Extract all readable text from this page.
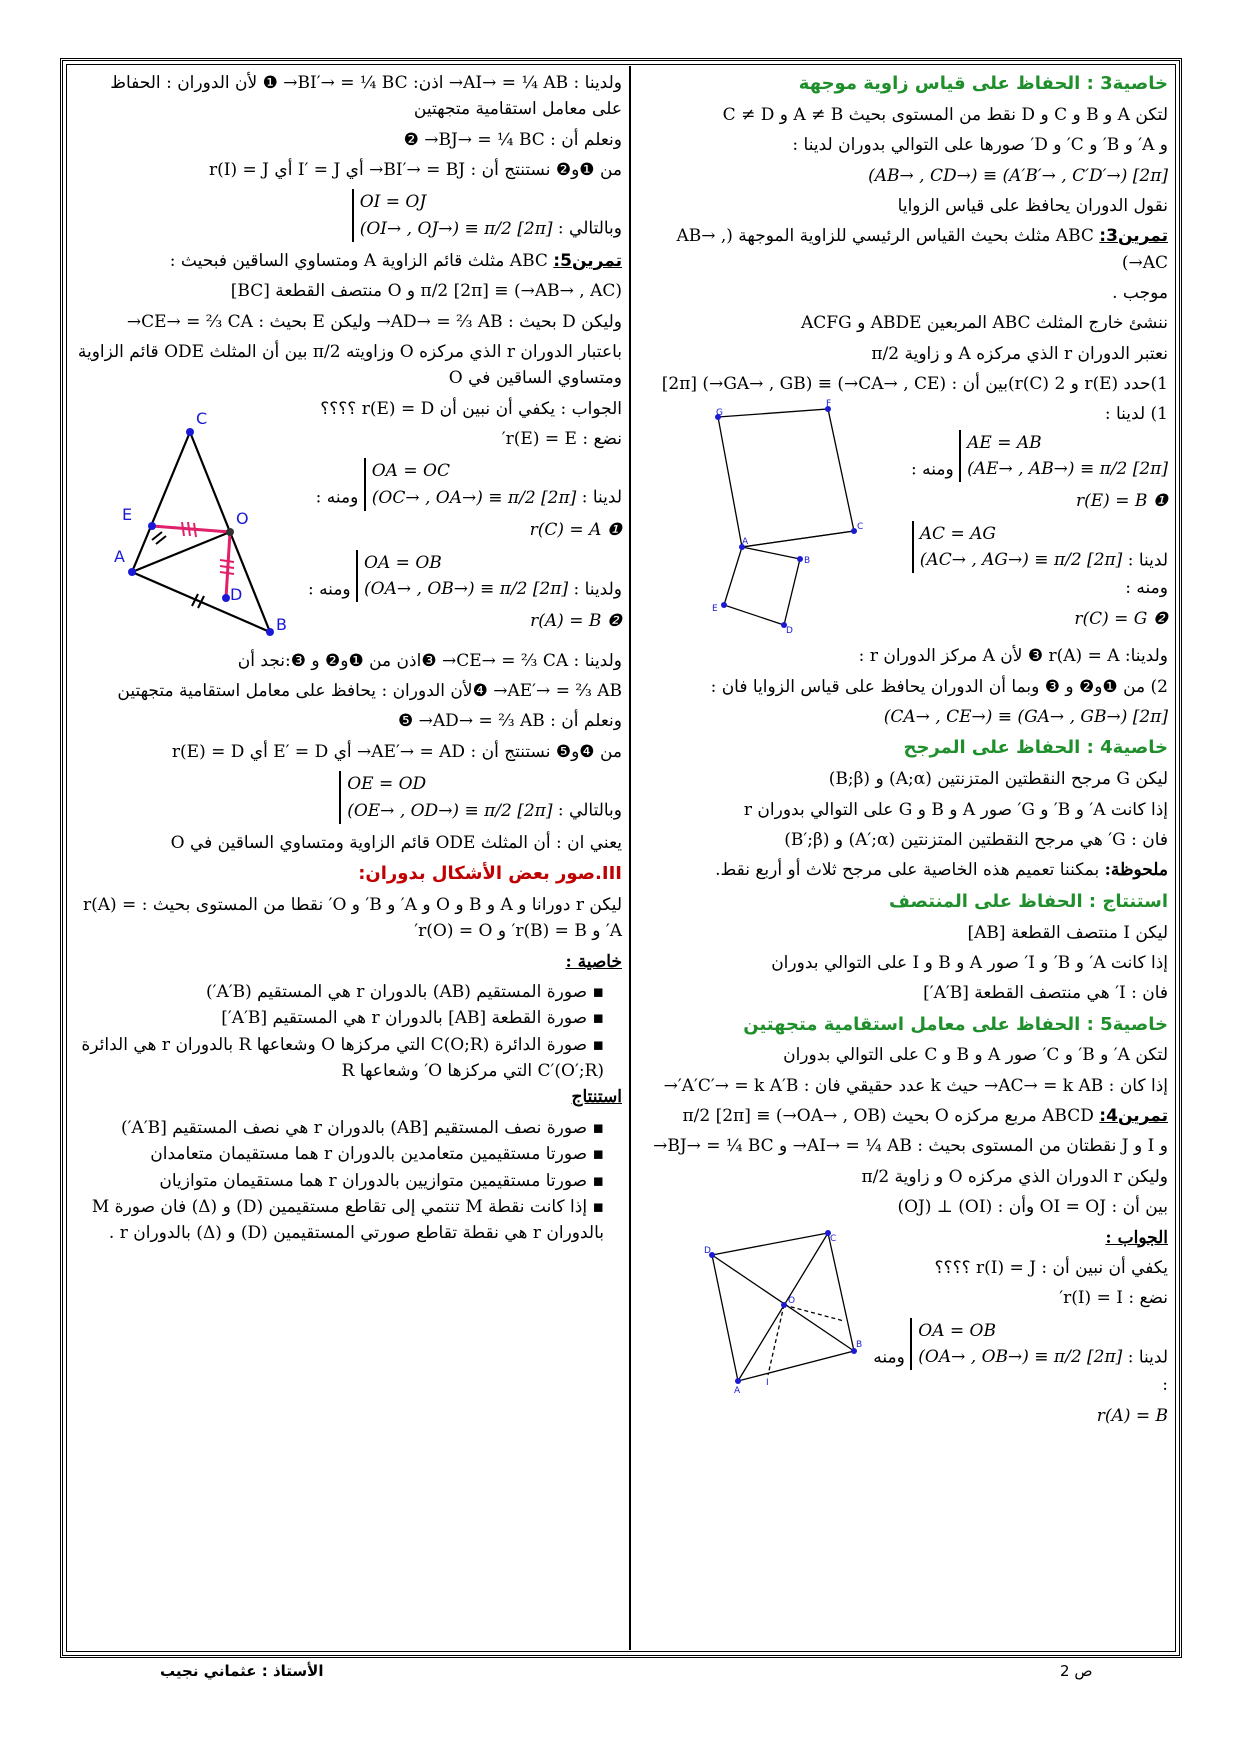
خاصية3 : الحفاظ على قياس زاوية موجهة

لتكن A و B و C و D نقط من المستوى بحيث A ≠ B و C ≠ D

و A′ و B′ و C′ و D′ صورها على التوالي بدوران لدينا :

(AB→ , CD→) ≡ (A′B′→ , C′D′→) [2π]

نقول الدوران يحافظ على قياس الزوايا

تمرين3: ABC مثلث بحيث القياس الرئيسي للزاوية الموجهة (AB→ , AC→)

موجب .

ننشئ خارج المثلث ABC المربعين ABDE و ACFG

نعتبر الدوران r الذي مركزه A و زاوية π/2

1)حدد r(E) و r(C) 2)بين أن : (CA→ , CE→) ≡ (GA→ , GB→) [2π]

1) لدينا : AE = AB
(AE→ , AB→) ≡ π/2 [2π] ومنه :

r(E) = B ❶

لدينا : AC = AG
(AC→ , AG→) ≡ π/2 [2π] ومنه :

r(C) = G ❷

G
F
C
A
B
E
D

ولدينا: r(A) = A ❸ لأن A مركز الدوران r :

2) من ❶و❷ و ❸ وبما أن الدوران يحافظ على قياس الزوايا فان :

(CA→ , CE→) ≡ (GA→ , GB→) [2π]

خاصية4 : الحفاظ على المرجح

ليكن G مرجح النقطتين المتزنتين (A;α) و (B;β)

إذا كانت A′ و B′ و G′ صور A و B و G على التوالي بدوران r

فان : G′ هي مرجح النقطتين المتزنتين (A′;α) و (B′;β)

ملحوظة: بمكننا تعميم هذه الخاصية على مرجح ثلاث أو أربع نقط.

استنتاج : الحفاظ على المنتصف

ليكن I منتصف القطعة [AB]

إذا كانت A′ و B′ و I′ صور A و B و I على التوالي بدوران

فان : I′ هي منتصف القطعة [A′B′]

خاصية5 : الحفاظ على معامل استقامية متجهتين

لتكن A′ و B′ و C′ صور A و B و C على التوالي بدوران

إذا كان : AC→ = k AB→ حيث k عدد حقيقي فان : A′C′→ = k A′B′→

تمرين4: ABCD مربع مركزه O بحيث (OA→ , OB→) ≡ π/2 [2π]

و I و J نقطتان من المستوى بحيث : AI→ = ¼ AB→ و BJ→ = ¼ BC→

وليكن r الدوران الذي مركزه O و زاوية π/2

بين أن : OI = OJ وأن : (OI) ⊥ (OJ)

الجواب :

يكفي أن نبين أن : r(I) = J ؟؟؟؟

نضع : r(I) = I′

لدينا : OA = OB
(OA→ , OB→) ≡ π/2 [2π] ومنه :

r(A) = B

D
C
O
B
A
I

ولدينا : AI→ = ¼ AB→ اذن: BI′→ = ¼ BC→ ❶ لأن الدوران : الحفاظ على معامل استقامية متجهتين

ونعلم أن : BJ→ = ¼ BC→ ❷

من ❶و❷ نستنتج أن : BI′→ = BJ→ أي I′ = J أي r(I) = J

وبالتالي : OI = OJ
(OI→ , OJ→) ≡ π/2 [2π]

تمرين5: ABC مثلث قائم الزاوية A ومتساوي الساقين فبحيث :

(AB→ , AC→) ≡ π/2 [2π] و O منتصف القطعة [BC]

وليكن D بحيث : AD→ = ⅔ AB→ وليكن E بحيث : CE→ = ⅔ CA→

باعتبار الدوران r الذي مركزه O وزاويته π/2 بين أن المثلث ODE قائم الزاوية ومتساوي الساقين في O

الجواب : يكفي أن نبين أن r(E) = D ؟؟؟؟

نضع : r(E) = E′

لدينا : OA = OC
(OC→ , OA→) ≡ π/2 [2π] ومنه :

r(C) = A ❶

ولدينا : OA = OB
(OA→ , OB→) ≡ π/2 [2π] ومنه :

r(A) = B ❷

C
E	O
A
D
B

ولدينا : CE→ = ⅔ CA→ ❸اذن من ❶و❷ و ❸:نجد أن

AE′→ = ⅔ AB→ ❹لأن الدوران : يحافظ على معامل استقامية متجهتين

ونعلم أن : AD→ = ⅔ AB→ ❺

من ❹و❺ نستنتج أن : AE′→ = AD→ أي E′ = D أي r(E) = D

وبالتالي : OE = OD
(OE→ , OD→) ≡ π/2 [2π]

يعني ان : أن المثلث ODE قائم الزاوية ومتساوي الساقين في O

III.صور بعض الأشكال بدوران:

ليكن r دورانا و A و B و O و A′ و B′ و O′ نقطا من المستوى بحيث : r(A) = A′ و r(B) = B′ و r(O) = O′

خاصية :

▪ صورة المستقيم (AB) بالدوران r هي المستقيم (A′B′)
▪ صورة القطعة [AB] بالدوران r هي المستقيم [A′B′]
▪ صورة الدائرة C(O;R) التي مركزها O وشعاعها R بالدوران r هي الدائرة C′(O′;R) التي مركزها O′ وشعاعها R

استنتاج

▪ صورة نصف المستقيم [AB) بالدوران r هي نصف المستقيم [A′B′)
▪ صورتا مستقيمين متعامدين بالدوران r هما مستقيمان متعامدان
▪ صورتا مستقيمين متوازيين بالدوران r هما مستقيمان متوازيان
▪ إذا كانت نقطة M تنتمي إلى تقاطع مستقيمين (D) و (Δ) فان صورة M بالدوران r هي نقطة تقاطع صورتي المستقيمين (D) و (Δ) بالدوران r .
الأستاذ : عثماني نجيب	ص 2
